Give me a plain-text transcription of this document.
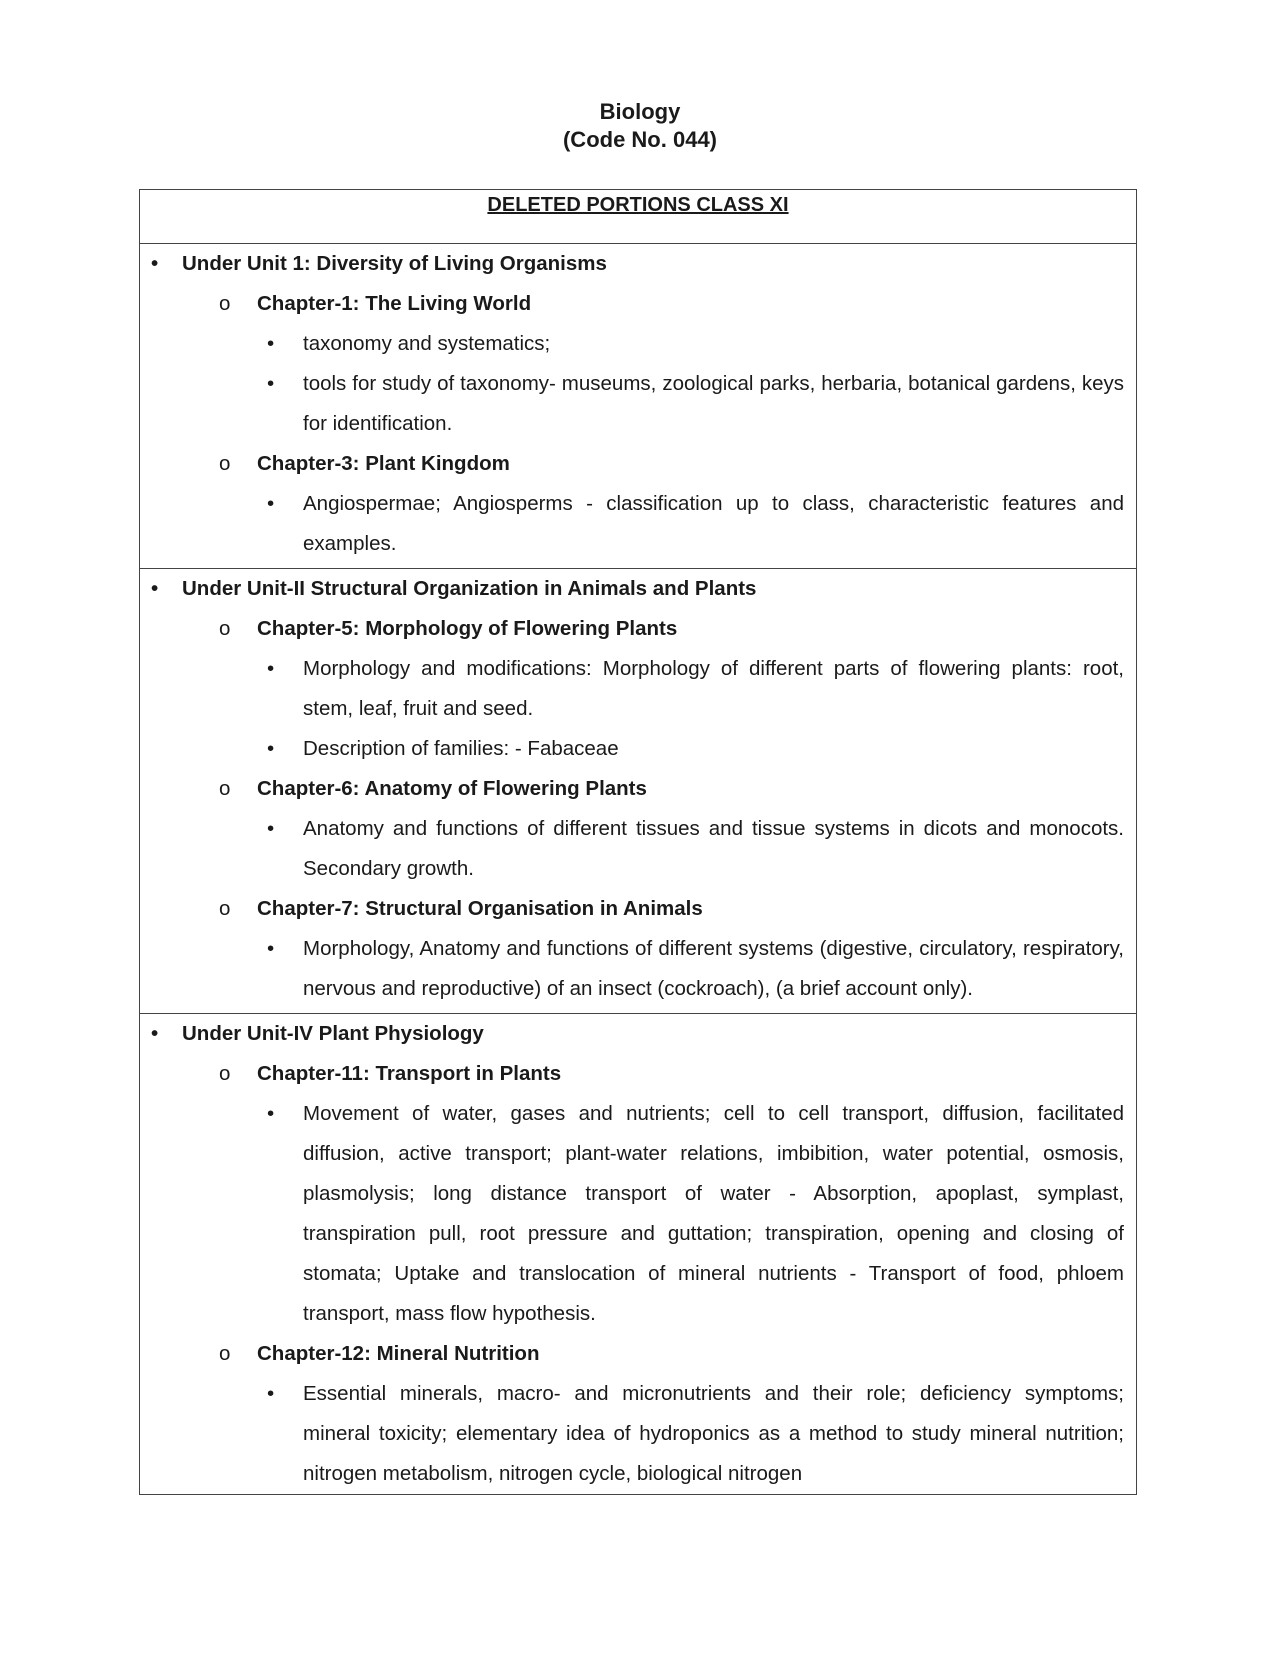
Biology
(Code No. 044)
DELETED PORTIONS CLASS XI
• Under Unit 1: Diversity of Living Organisms
o Chapter-1: The Living World
• taxonomy and systematics;
• tools for study of taxonomy- museums, zoological parks, herbaria, botanical gardens, keys for identification.
o Chapter-3: Plant Kingdom
• Angiospermae; Angiosperms - classification up to class, characteristic features and examples.
• Under Unit-II Structural Organization in Animals and Plants
o Chapter-5: Morphology of Flowering Plants
• Morphology and modifications: Morphology of different parts of flowering plants: root, stem, leaf, fruit and seed.
• Description of families: - Fabaceae
o Chapter-6: Anatomy of Flowering Plants
• Anatomy and functions of different tissues and tissue systems in dicots and monocots. Secondary growth.
o Chapter-7: Structural Organisation in Animals
• Morphology, Anatomy and functions of different systems (digestive, circulatory, respiratory, nervous and reproductive) of an insect (cockroach), (a brief account only).
• Under Unit-IV Plant Physiology
o Chapter-11: Transport in Plants
• Movement of water, gases and nutrients; cell to cell transport, diffusion, facilitated diffusion, active transport; plant-water relations, imbibition, water potential, osmosis, plasmolysis; long distance transport of water - Absorption, apoplast, symplast, transpiration pull, root pressure and guttation; transpiration, opening and closing of stomata; Uptake and translocation of mineral nutrients - Transport of food, phloem transport, mass flow hypothesis.
o Chapter-12: Mineral Nutrition
• Essential minerals, macro- and micronutrients and their role; deficiency symptoms; mineral toxicity; elementary idea of hydroponics as a method to study mineral nutrition; nitrogen metabolism, nitrogen cycle, biological nitrogen
